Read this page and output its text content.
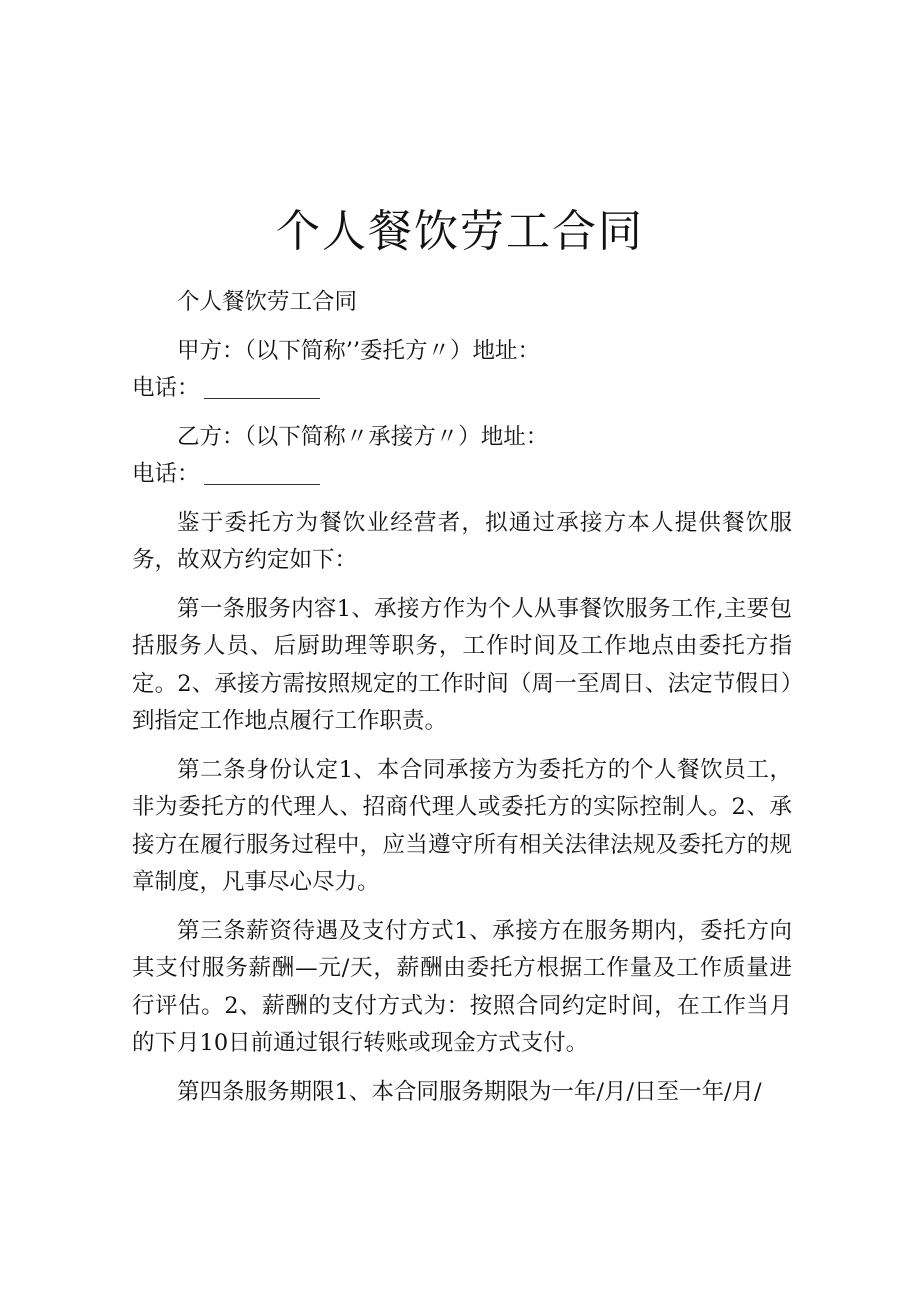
个人餐饮劳工合同

个人餐饮劳工合同

甲方：（以下简称’’委托方〃）地址：
电话：
乙方：（以下简称〃承接方〃）地址：
电话：

鉴于委托方为餐饮业经营者，拟通过承接方本人提供餐饮服务，故双方约定如下：

第一条服务内容1、承接方作为个人从事餐饮服务工作,主要包括服务人员、后厨助理等职务，工作时间及工作地点由委托方指定。2、承接方需按照规定的工作时间（周一至周日、法定节假日）到指定工作地点履行工作职责。

第二条身份认定1、本合同承接方为委托方的个人餐饮员工，非为委托方的代理人、招商代理人或委托方的实际控制人。2、承接方在履行服务过程中，应当遵守所有相关法律法规及委托方的规章制度，凡事尽心尽力。

第三条薪资待遇及支付方式1、承接方在服务期内，委托方向其支付服务薪酬—元/天，薪酬由委托方根据工作量及工作质量进行评估。2、薪酬的支付方式为：按照合同约定时间，在工作当月的下月10日前通过银行转账或现金方式支付。

第四条服务期限1、本合同服务期限为一年/月/日至一年/月/
